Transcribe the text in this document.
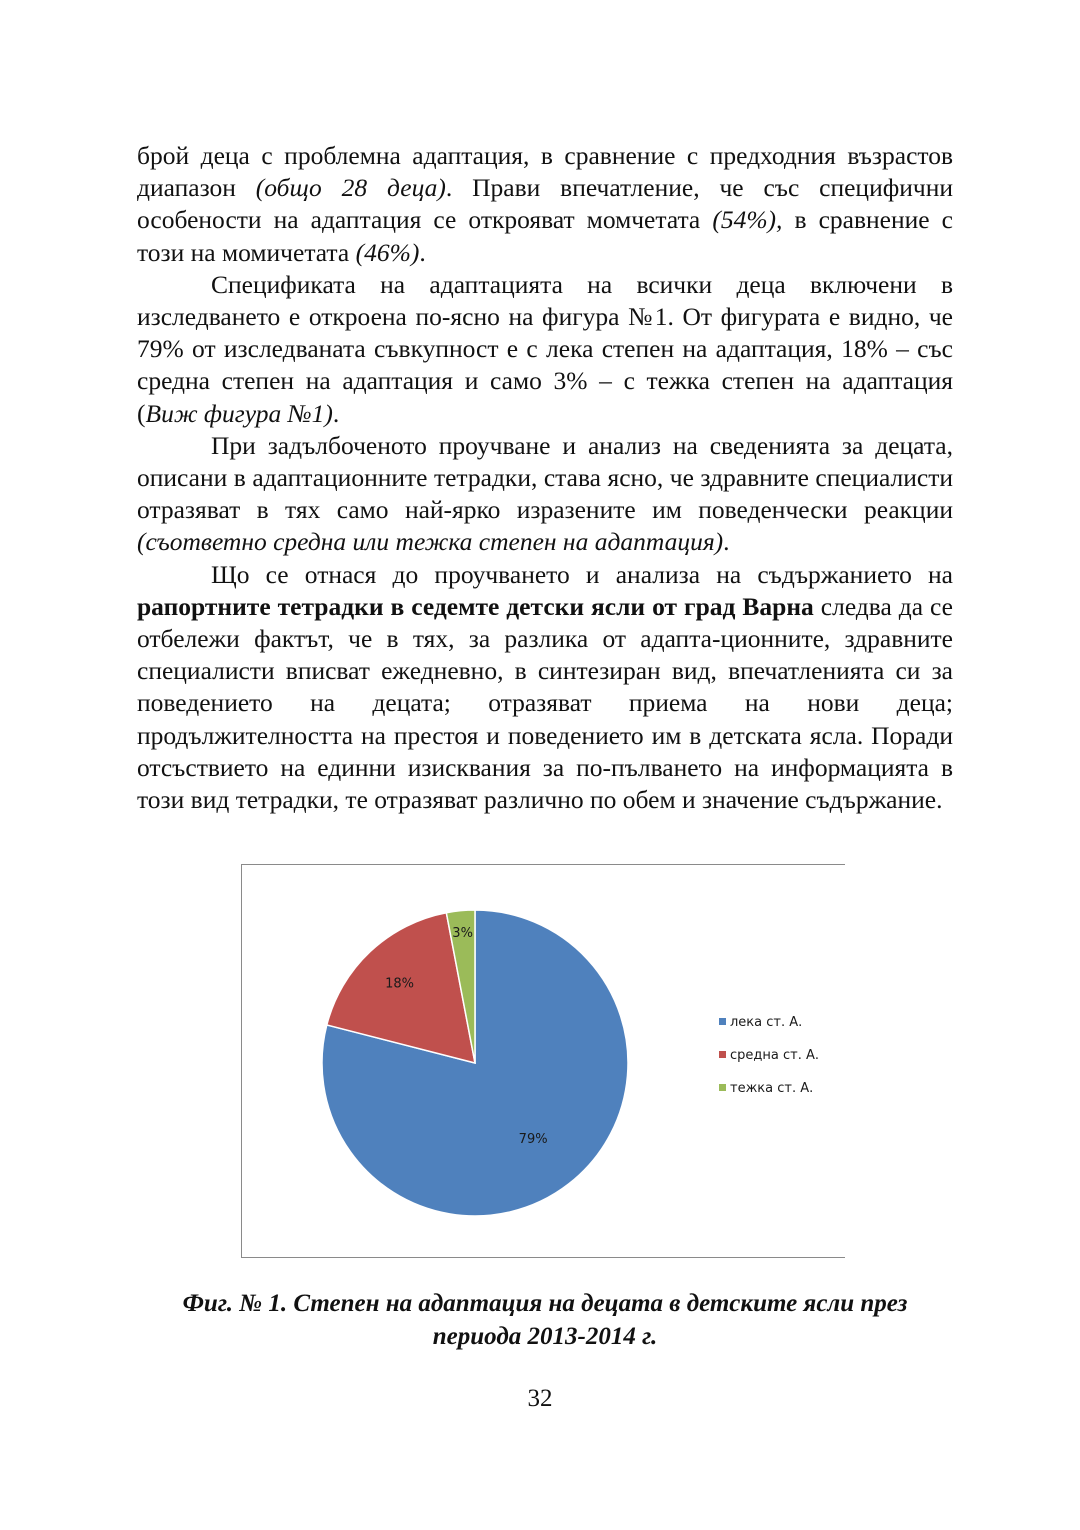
брой деца с проблемна адаптация, в сравнение с предходния възрастов диапазон (общо 28 деца). Прави впечатление, че със специфични особености на адаптация се открояват момчетата (54%), в сравнение с този на момичетата (46%).

Спецификата на адаптацията на всички деца включени в изследването е откроена по-ясно на фигура №1. От фигурата е видно, че 79% от изследваната съвкупност е с лека степен на адаптация, 18% – със средна степен на адаптация и само 3% – с тежка степен на адаптация (Виж фигура №1).

При задълбоченото проучване и анализ на сведенията за децата, описани в адаптационните тетрадки, става ясно, че здравните специалисти отразяват в тях само най-ярко изразените им поведенчески реакции (съответно средна или тежка степен на адаптация).

Що се отнася до проучването и анализа на съдържанието на рапортните тетрадки в седемте детски ясли от град Варна следва да се отбележи фактът, че в тях, за разлика от адапта-ционните, здравните специалисти вписват ежедневно, в синтезиран вид, впечатленията си за поведението на децата; отразяват приема на нови деца; продължителността на престоя и поведението им в детската ясла. Поради отсъствието на единни изисквания за по-пълването на информацията в този вид тетрадки, те отразяват различно по обем и значение съдържание.

79%
18%
3%
лека ст. А.
средна ст. А.
тежка ст. А.
Фиг. № 1. Степен на адаптация на децата в детските ясли през
периода 2013-2014 г.
32
